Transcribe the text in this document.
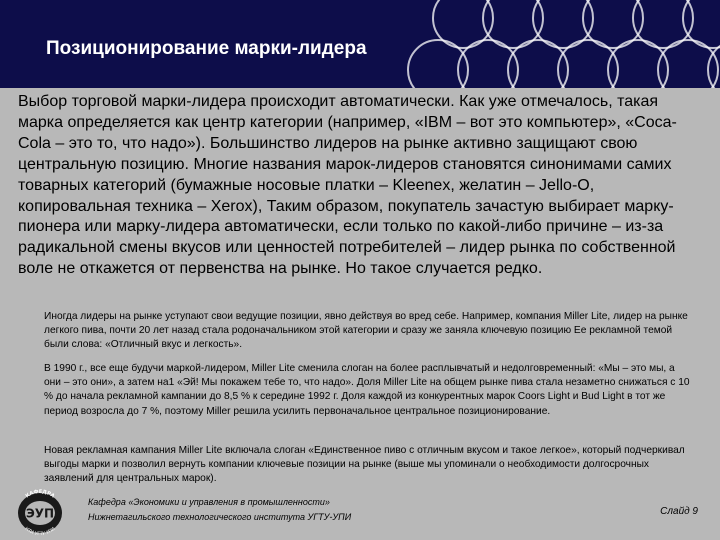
Позиционирование марки-лидера
Выбор торговой марки-лидера происходит автоматически. Как уже отмечалось, такая марка определяется как центр категории (например, «IBM – вот это компьютер», «Coca-Cola – это то, что надо»). Большинство лидеров на рынке активно защищают свою центральную позицию. Многие названия марок-лидеров становятся синонимами самих товарных категорий (бумажные носовые платки – Kleenex, желатин – Jello-O, копировальная техника – Xerox), Таким образом, покупатель зачастую выбирает марку-пионера или марку-лидера автоматически, если только по какой-либо причине – из-за радикальной смены вкусов или ценностей потребителей – лидер рынка по собственной воле не откажется от первенства на рынке. Но такое случается редко.
Иногда лидеры на рынке уступают свои ведущие позиции, явно действуя во вред себе. Например, компания Miller Lite, лидер на рынке легкого пива, почти 20 лет назад стала родоначальником этой категории и сразу же заняла ключевую позицию Ее рекламной темой были слова: «Отличный вкус и легкость».
В 1990 г., все еще будучи маркой-лидером, Miller Lite сменила слоган на более расплывчатый и недолговременный: «Мы – это мы, а они – это они», а затем на1 «Эй! Мы покажем тебе то, что надо». Доля Miller Lite на общем рынке пива стала незаметно снижаться с 10 % до начала рекламной кампании до 8,5 % к середине 1992 г. Доля каждой из конкурентных марок Coors Light и Bud Light в тот же период возросла до 7 %, поэтому Miller решила усилить первоначальное центральное позиционирование.
Новая рекламная кампания Miller Lite включала слоган «Единственное пиво с отличным вкусом и такое легкое», который подчеркивал выгоды марки и позволил вернуть компании ключевые позиции на рынке (выше мы упоминали о необходимости долгосрочных заявлений для центральных марок).
КАФЕДРА
НТИ УГТУ-УПИ
ЭУП
Кафедра «Экономики и управления в промышленности»
Нижнетагильского технологического института УГТУ-УПИ	Слайд 9
